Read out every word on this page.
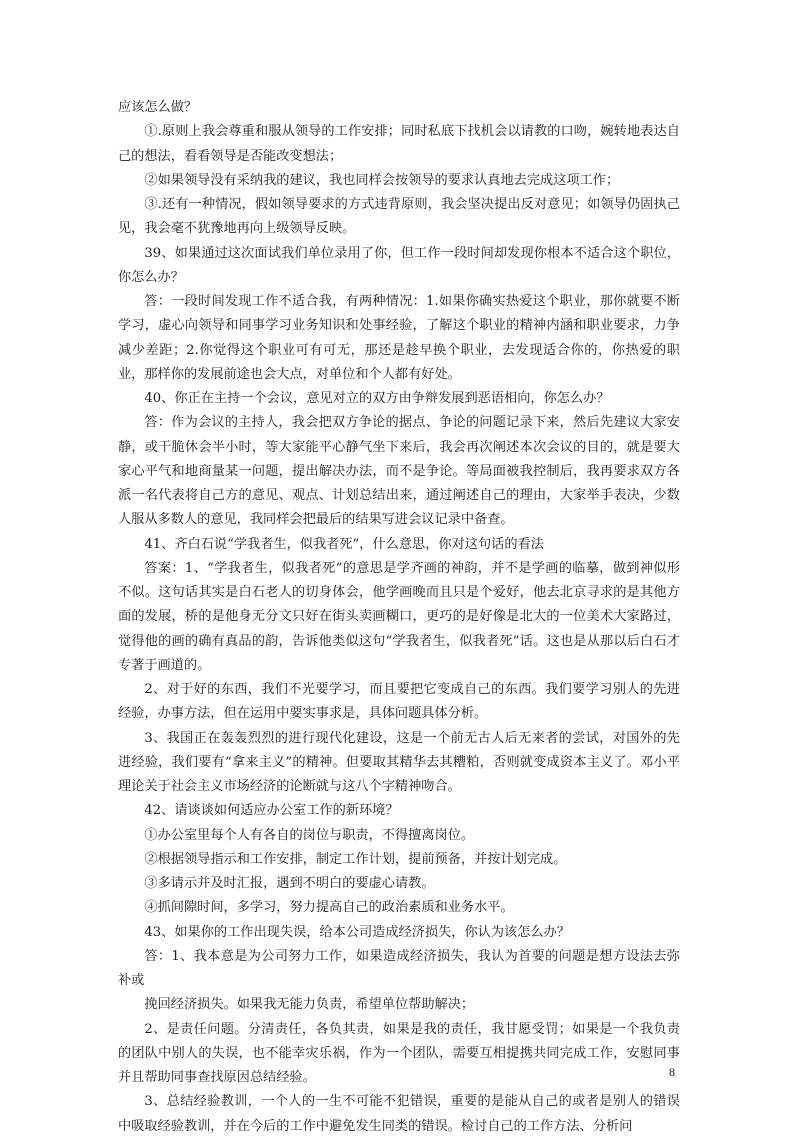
应该怎么做？

①.原则上我会尊重和服从领导的工作安排；同时私底下找机会以请教的口吻，婉转地表达自己的想法，看看领导是否能改变想法；

②如果领导没有采纳我的建议，我也同样会按领导的要求认真地去完成这项工作；

③.还有一种情况，假如领导要求的方式违背原则，我会坚决提出反对意见；如领导仍固执己见，我会毫不犹豫地再向上级领导反映。

39、如果通过这次面试我们单位录用了你，但工作一段时间却发现你根本不适合这个职位，你怎么办？

答：一段时间发现工作不适合我，有两种情况：1.如果你确实热爱这个职业，那你就要不断学习，虚心向领导和同事学习业务知识和处事经验，了解这个职业的精神内涵和职业要求，力争减少差距；2.你觉得这个职业可有可无，那还是趁早换个职业，去发现适合你的，你热爱的职业，那样你的发展前途也会大点，对单位和个人都有好处。

40、你正在主持一个会议，意见对立的双方由争辩发展到恶语相向，你怎么办？

答：作为会议的主持人，我会把双方争论的据点、争论的问题记录下来，然后先建议大家安静，或干脆休会半小时，等大家能平心静气坐下来后，我会再次阐述本次会议的目的，就是要大家心平气和地商量某一问题，提出解决办法，而不是争论。等局面被我控制后，我再要求双方各派一名代表将自己方的意见、观点、计划总结出来，通过阐述自己的理由，大家举手表决，少数人服从多数人的意见，我同样会把最后的结果写进会议记录中备查。

41、齐白石说“学我者生，似我者死”，什么意思，你对这句话的看法

答案：1、“学我者生，似我者死”的意思是学齐画的神韵，并不是学画的临摹，做到神似形不似。这句话其实是白石老人的切身体会，他学画晚而且只是个爱好，他去北京寻求的是其他方面的发展，桥的是他身无分文只好在街头卖画糊口，更巧的是好像是北大的一位美术大家路过，觉得他的画的确有真品的韵，告诉他类似这句“学我者生，似我者死”话。这也是从那以后白石才专著于画道的。

2、对于好的东西，我们不光要学习，而且要把它变成自己的东西。我们要学习别人的先进经验，办事方法，但在运用中要实事求是，具体问题具体分析。

3、我国正在轰轰烈烈的进行现代化建设，这是一个前无古人后无来者的尝试，对国外的先进经验，我们要有“拿来主义”的精神。但要取其精华去其糟粕，否则就变成资本主义了。邓小平理论关于社会主义市场经济的论断就与这八个字精神吻合。

42、请谈谈如何适应办公室工作的新环境？

①办公室里每个人有各自的岗位与职责，不得擅离岗位。

②根据领导指示和工作安排，制定工作计划，提前预备，并按计划完成。

③多请示并及时汇报，遇到不明白的要虚心请教。

④抓间隙时间，多学习，努力提高自己的政治素质和业务水平。

43、如果你的工作出现失误，给本公司造成经济损失，你认为该怎么办？

答：1、我本意是为公司努力工作，如果造成经济损失，我认为首要的问题是想方设法去弥补或

挽回经济损失。如果我无能力负责，希望单位帮助解决；

2、是责任问题。分清责任，各负其责，如果是我的责任，我甘愿受罚；如果是一个我负责的团队中别人的失误，也不能幸灾乐祸，作为一个团队，需要互相提携共同完成工作，安慰同事并且帮助同事查找原因总结经验。

3、总结经验教训，一个人的一生不可能不犯错误，重要的是能从自己的或者是别人的错误中吸取经验教训，并在今后的工作中避免发生同类的错误。检讨自己的工作方法、分析问

8
